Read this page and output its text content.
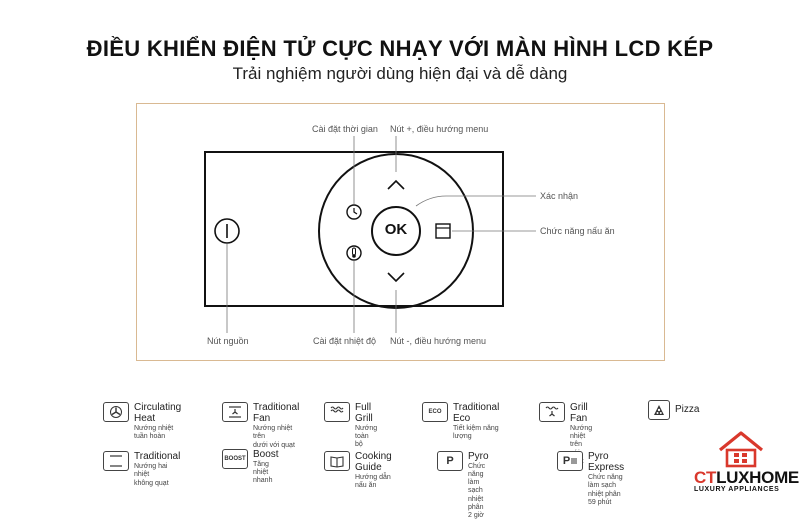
ĐIỀU KHIỂN ĐIỆN TỬ CỰC NHẠY VỚI MÀN HÌNH LCD KÉP
Trải nghiệm người dùng hiện đại và dễ dàng
Cài đặt thời gian Nút +, điều hướng menu
Xác nhận
Chức năng nấu ăn
Nút nguồn	Cài đặt nhiệt độ Nút -, điều hướng menu
OK
Circulating Heat
Nướng nhiệt tuần hoàn
Traditional Fan
Nướng nhiệt trên
dưới với quạt
Full Grill
Nướng toàn bộ
ECO Traditional Eco
Tiết kiệm năng lượng
Grill Fan
Nướng nhiệt trên
Pizza
Traditional
Nướng hai nhiệt
không quạt
BOOST Boost
Tăng nhiệt nhanh
Cooking Guide
Hướng dẫn nấu ăn
P Pyro
Chức năng làm sạch
nhiệt phân 2 giờ
P Pyro Express
Chức năng làm sạch
nhiệt phân 59 phút
CTLUXHOME
LUXURY APPLIANCES
